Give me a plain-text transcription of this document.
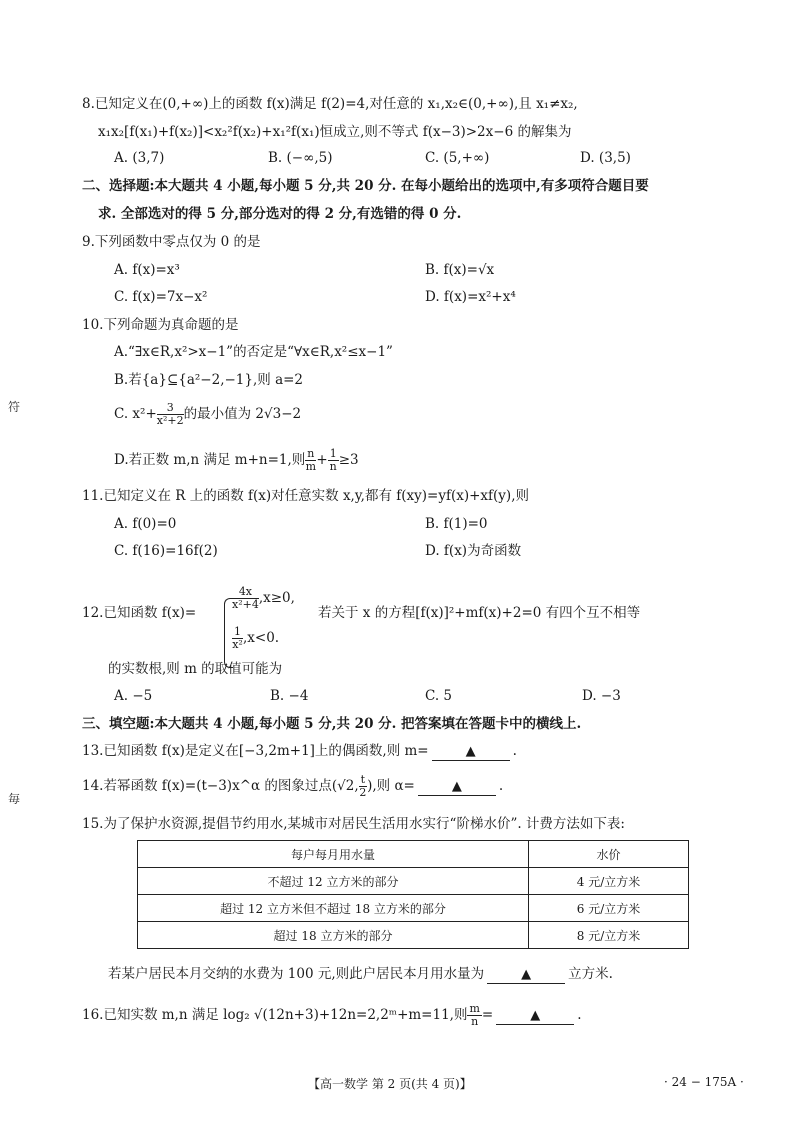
符
毎
8.已知定义在(0,+∞)上的函数 f(x)满足 f(2)=4,对任意的 x₁,x₂∈(0,+∞),且 x₁≠x₂,
x₁x₂[f(x₁)+f(x₂)]<x₂²f(x₂)+x₁²f(x₁)恒成立,则不等式 f(x−3)>2x−6 的解集为
A. (3,7)	B. (−∞,5)	C. (5,+∞)	D. (3,5)
二、选择题:本大题共 4 小题,每小题 5 分,共 20 分. 在每小题给出的选项中,有多项符合题目要
求. 全部选对的得 5 分,部分选对的得 2 分,有选错的得 0 分.
9.下列函数中零点仅为 0 的是
A. f(x)=x³	B. f(x)=√x
C. f(x)=7x−x²	D. f(x)=x²+x⁴
10.下列命题为真命题的是
A.“∃x∈R,x²>x−1”的否定是“∀x∈R,x²≤x−1”
B.若{a}⊆{a²−2,−1},则 a=2
C. $x^2+ \frac{3}{\text{x²+2}}$ 的最小值为 2√3−2
D.若正数 m,n 满足 m+n=1,则 $\frac{n}{m} + \frac{1}{n} \ge 3$
11.已知定义在 R 上的函数 f(x)对任意实数 x,y,都有 f(xy)=yf(x)+xf(y),则
A. f(0)=0	B. f(1)=0
C. f(16)=16f(2)	D. f(x)为奇函数
12.已知函数 f(x)=
$\frac{4x}{\text{x²+4}} ,x\ge 0$,
$\frac{1}{\text{x²}} ,x<0$.
若关于 x 的方程[f(x)]²+mf(x)+2=0 有四个互不相等
的实数根,则 m 的取值可能为
A. −5	B. −4	C. 5	D. −3
三、填空题:本大题共 4 小题,每小题 5 分,共 20 分. 把答案填在答题卡中的横线上.
13.已知函数 f(x)是定义在[−3,2m+1]上的偶函数,则 m=	▲	.
14.若幂函数 f(x)=(t−3)x^α 的图象过点(√2, $\frac{t}{2}$ ),则 α=	▲	.
15.为了保护水资源,提倡节约用水,某城市对居民生活用水实行“阶梯水价”. 计费方法如下表:
每户每月用水量	水价
不超过 12 立方米的部分	4 元/立方米
超过 12 立方米但不超过 18 立方米的部分	6 元/立方米
超过 18 立方米的部分	8 元/立方米
若某户居民本月交纳的水费为 100 元,则此户居民本月用水量为	▲	立方米.
16.已知实数 m,n 满足 log₂ √(12n+3)+12n=2,2ᵐ+m=11,则 $\frac{m}{n}$ =	▲	.
【高一数学 第 2 页(共 4 页)】	· 24 − 175A ·
